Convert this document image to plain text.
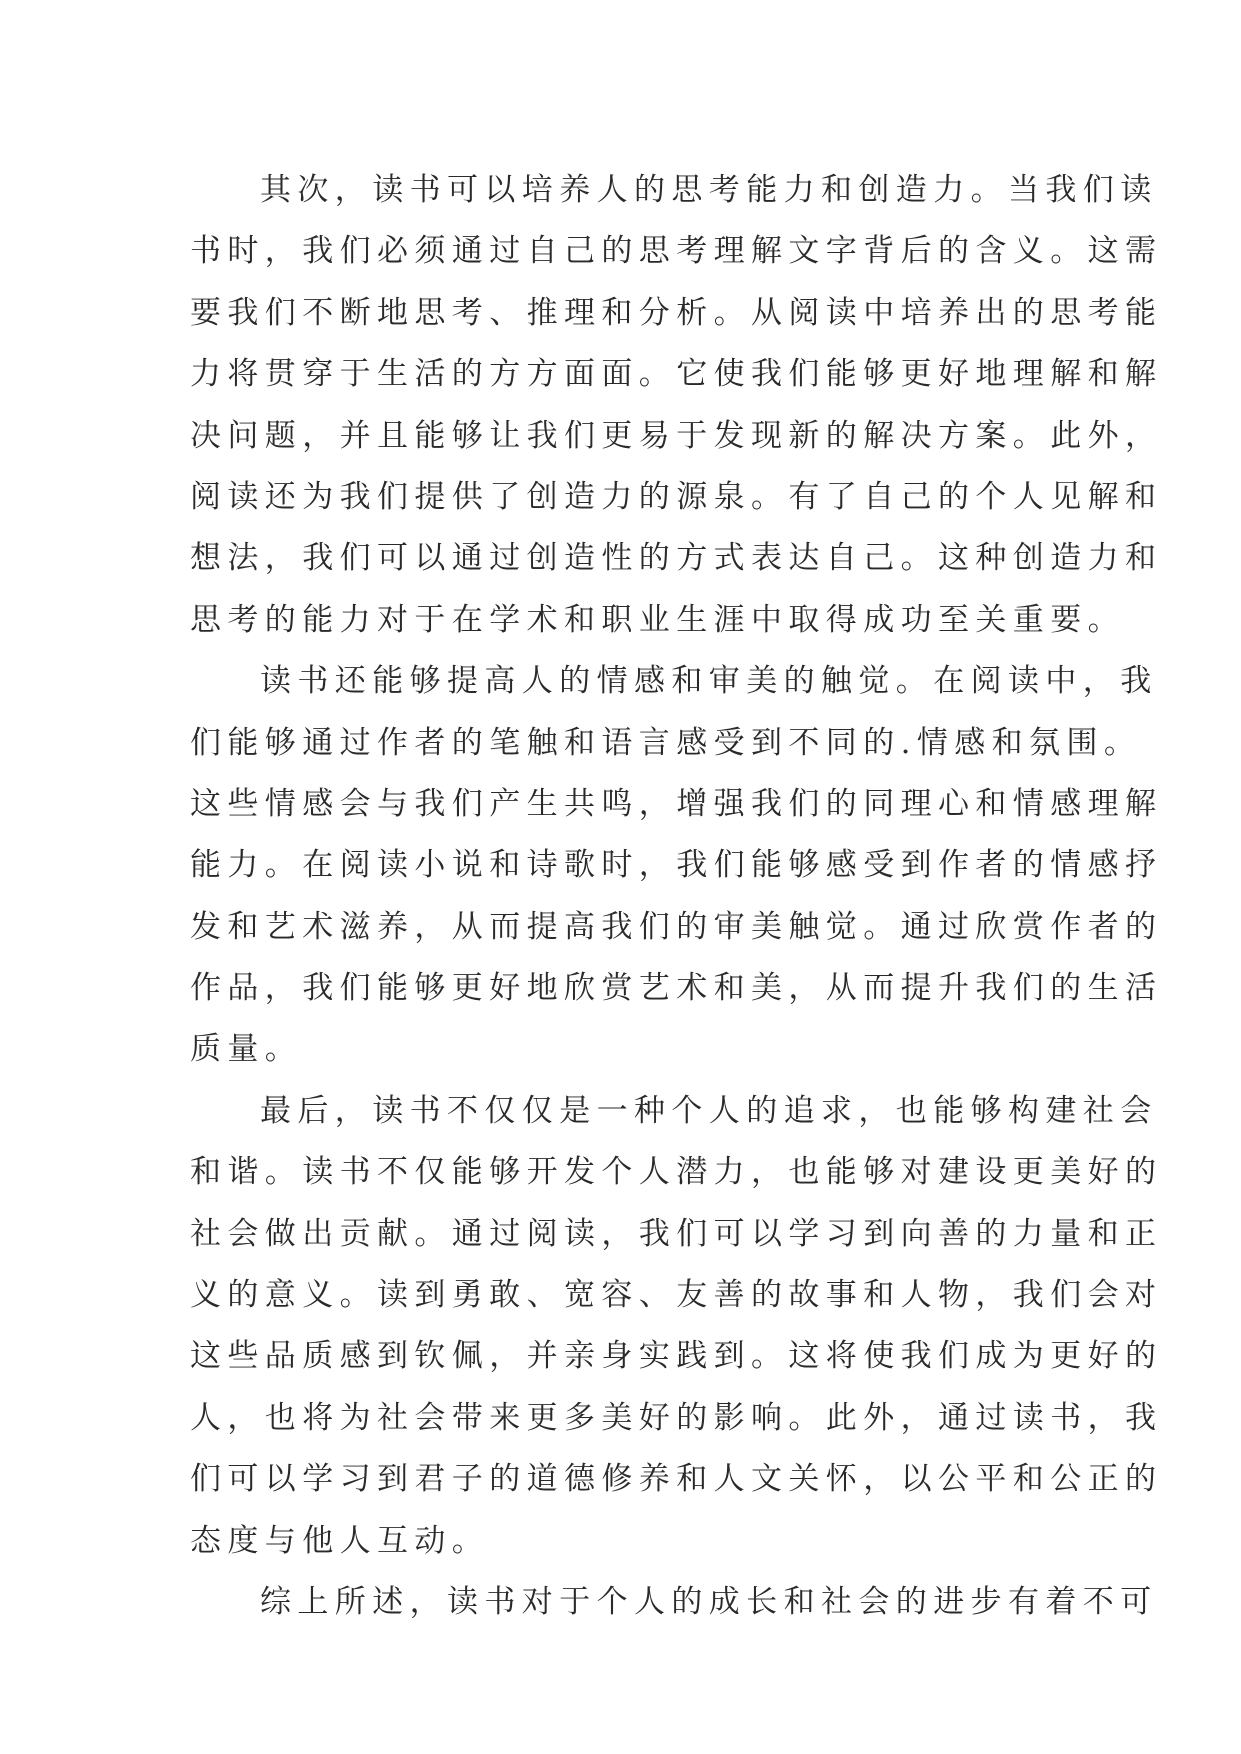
其次，读书可以培养人的思考能力和创造力。当我们读
书时，我们必须通过自己的思考理解文字背后的含义。这需
要我们不断地思考、推理和分析。从阅读中培养出的思考能
力将贯穿于生活的方方面面。它使我们能够更好地理解和解
决问题，并且能够让我们更易于发现新的解决方案。此外，
阅读还为我们提供了创造力的源泉。有了自己的个人见解和
想法，我们可以通过创造性的方式表达自己。这种创造力和
思考的能力对于在学术和职业生涯中取得成功至关重要。
读书还能够提高人的情感和审美的触觉。在阅读中，我
们能够通过作者的笔触和语言感受到不同的.情感和氛围。
这些情感会与我们产生共鸣，增强我们的同理心和情感理解
能力。在阅读小说和诗歌时，我们能够感受到作者的情感抒
发和艺术滋养，从而提高我们的审美触觉。通过欣赏作者的
作品，我们能够更好地欣赏艺术和美，从而提升我们的生活
质量。
最后，读书不仅仅是一种个人的追求，也能够构建社会
和谐。读书不仅能够开发个人潜力，也能够对建设更美好的
社会做出贡献。通过阅读，我们可以学习到向善的力量和正
义的意义。读到勇敢、宽容、友善的故事和人物，我们会对
这些品质感到钦佩，并亲身实践到。这将使我们成为更好的
人，也将为社会带来更多美好的影响。此外，通过读书，我
们可以学习到君子的道德修养和人文关怀，以公平和公正的
态度与他人互动。
综上所述，读书对于个人的成长和社会的进步有着不可
